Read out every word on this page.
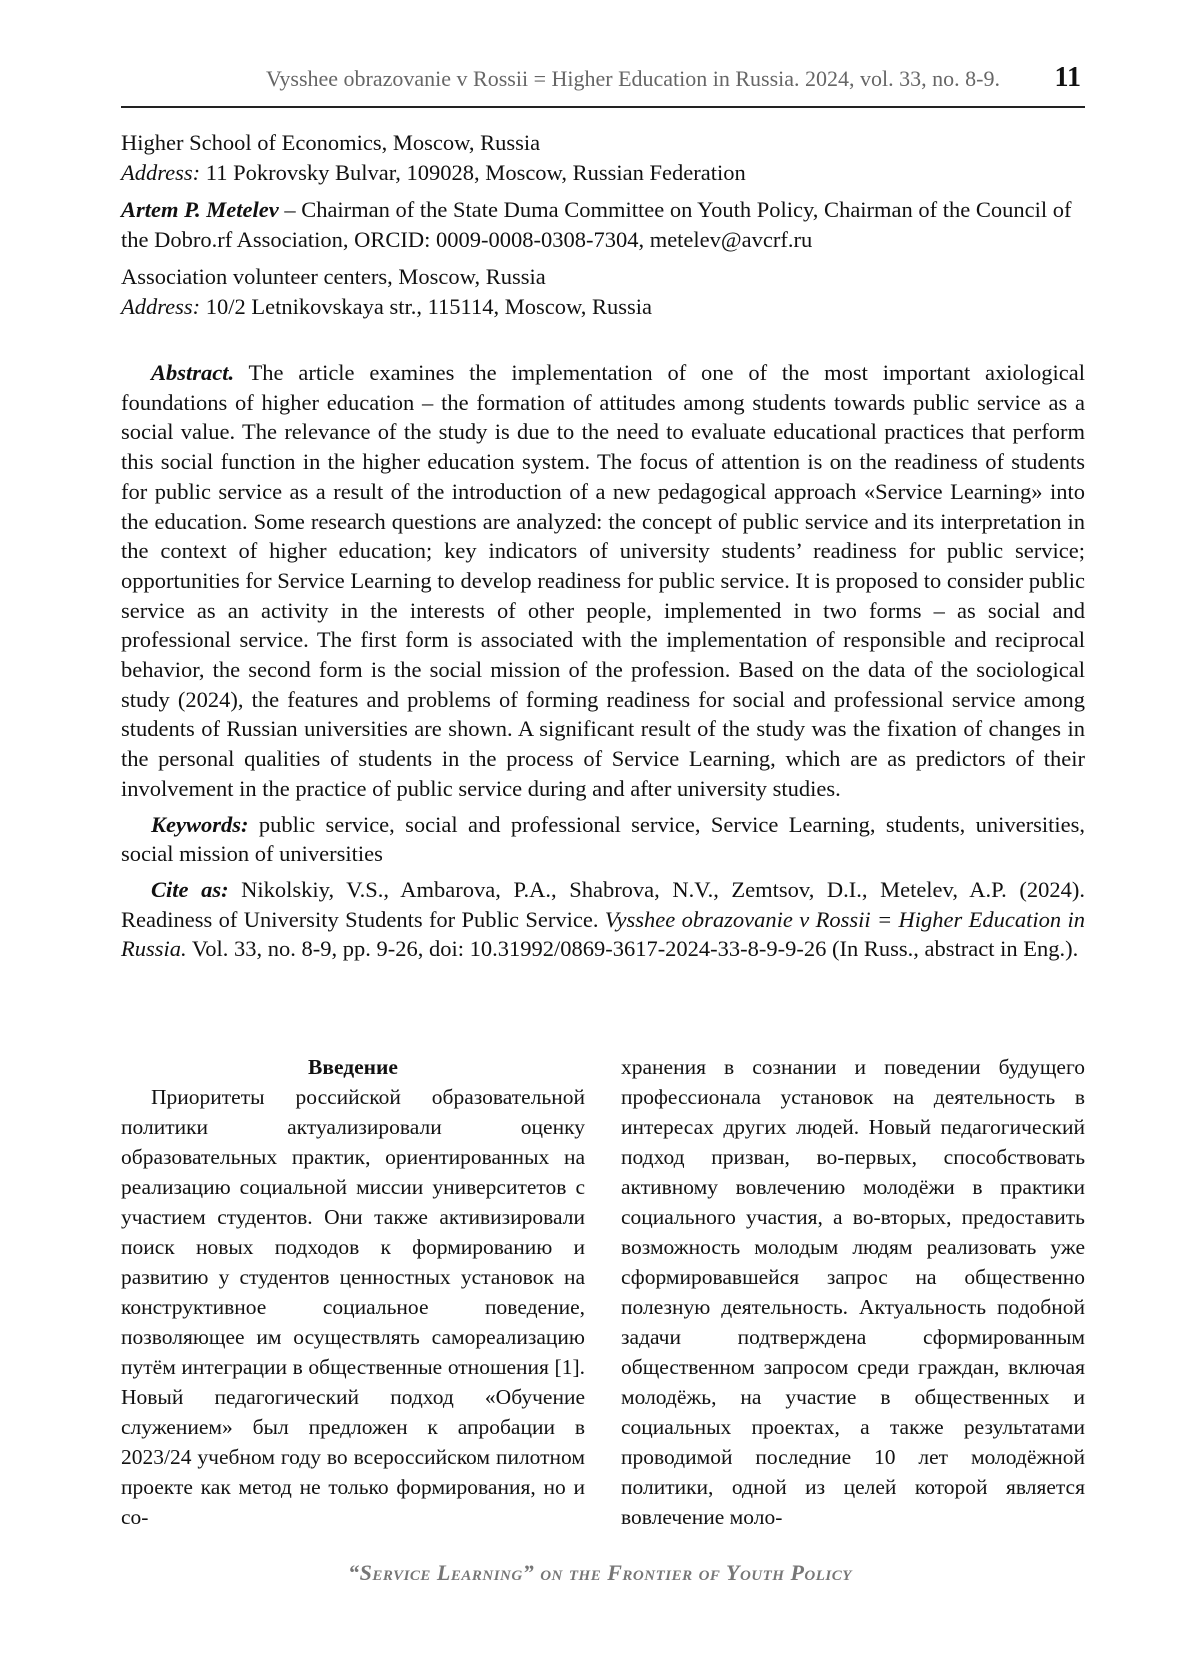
Vysshee obrazovanie v Rossii = Higher Education in Russia. 2024, vol. 33, no. 8-9. 11

Higher School of Economics, Moscow, Russia

Address: 11 Pokrovsky Bulvar, 109028, Moscow, Russian Federation

Artem P. Metelev – Chairman of the State Duma Committee on Youth Policy, Chairman of the Council of the Dobro.rf Association, ORCID: 0009-0008-0308-7304, metelev@avcrf.ru

Association volunteer centers, Moscow, Russia

Address: 10/2 Letnikovskaya str., 115114, Moscow, Russia

Abstract. The article examines the implementation of one of the most important axiological foundations of higher education – the formation of attitudes among students towards public service as a social value. The relevance of the study is due to the need to evaluate educational practices that perform this social function in the higher education system. The focus of attention is on the readiness of students for public service as a result of the introduction of a new pedagogical approach «Service Learning» into the education. Some research questions are analyzed: the concept of public service and its interpretation in the context of higher education; key indicators of university students’ readiness for public service; opportunities for Service Learning to develop readiness for public service. It is proposed to consider public service as an activity in the interests of other people, implemented in two forms – as social and professional service. The first form is associated with the implementation of responsible and reciprocal behavior, the second form is the social mission of the profession. Based on the data of the sociological study (2024), the features and problems of forming readiness for social and professional service among students of Russian universities are shown. A significant result of the study was the fixation of changes in the personal qualities of students in the process of Service Learning, which are as predictors of their involvement in the practice of public service during and after university studies.

Keywords: public service, social and professional service, Service Learning, students, universities, social mission of universities

Cite as: Nikolskiy, V.S., Ambarova, P.A., Shabrova, N.V., Zemtsov, D.I., Metelev, A.P. (2024). Readiness of University Students for Public Service. Vysshee obrazovanie v Rossii = Higher Education in Russia. Vol. 33, no. 8-9, pp. 9-26, doi: 10.31992/0869-3617-2024-33-8-9-9-26 (In Russ., abstract in Eng.).

Введение

Приоритеты российской образовательной политики актуализировали оценку образовательных практик, ориентированных на реализацию социальной миссии университетов с участием студентов. Они также активизировали поиск новых подходов к формированию и развитию у студентов ценностных установок на конструктивное социальное поведение, позволяющее им осуществлять самореализацию путём интеграции в общественные отношения [1]. Новый педагогический подход «Обучение служением» был предложен к апробации в 2023/24 учебном году во всероссийском пилотном проекте как метод не только формирования, но и со-

хранения в сознании и поведении будущего профессионала установок на деятельность в интересах других людей. Новый педагогический подход призван, во-первых, способствовать активному вовлечению молодёжи в практики социального участия, а во-вторых, предоставить возможность молодым людям реализовать уже сформировавшейся запрос на общественно полезную деятельность. Актуальность подобной задачи подтверждена сформированным общественном запросом среди граждан, включая молодёжь, на участие в общественных и социальных проектах, а также результатами проводимой последние 10 лет молодёжной политики, одной из целей которой является вовлечение моло-

“Service Learning” on the Frontier of Youth Policy
